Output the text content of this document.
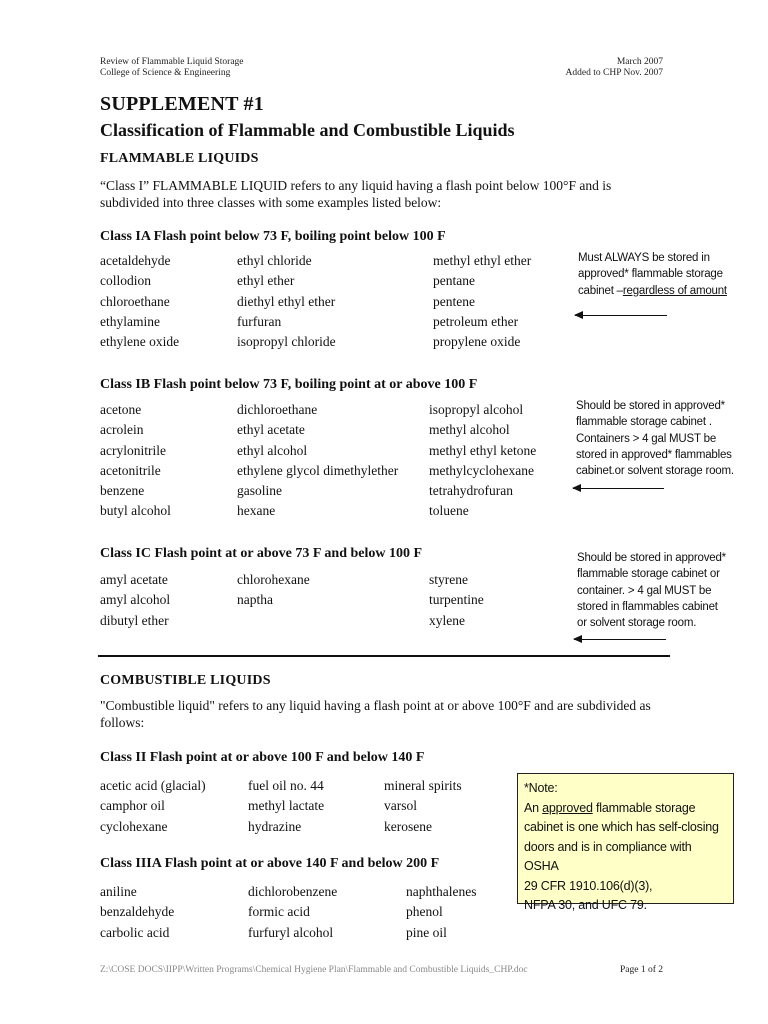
Review of Flammable Liquid Storage
College of Science & Engineering
March 2007
Added to CHP Nov. 2007
SUPPLEMENT #1
Classification of Flammable and Combustible Liquids
FLAMMABLE LIQUIDS
“Class I” FLAMMABLE LIQUID refers to any liquid having a flash point below 100°F and is
subdivided into three classes with some examples listed below:
Class IA Flash point below 73 F, boiling point below 100 F
acetaldehyde
collodion
chloroethane
ethylamine
ethylene oxide
ethyl chloride
ethyl ether
diethyl ethyl ether
furfuran
isopropyl chloride
methyl ethyl ether
pentane
pentene
petroleum ether
propylene oxide
Must ALWAYS be stored in
approved* flammable storage
cabinet –regardless of amount
Class IB Flash point below 73 F, boiling point at or above 100 F
acetone
acrolein
acrylonitrile
acetonitrile
benzene
butyl alcohol
dichloroethane
ethyl acetate
ethyl alcohol
ethylene glycol dimethylether
gasoline
hexane
isopropyl alcohol
methyl alcohol
methyl ethyl ketone
methylcyclohexane
tetrahydrofuran
toluene
Should be stored in approved*
flammable storage cabinet .
Containers > 4 gal MUST be
stored in approved* flammables
cabinet.or solvent storage room.
Class IC Flash point at or above 73 F and below 100 F
amyl acetate
amyl alcohol
dibutyl ether
chlorohexane
naptha
styrene
turpentine
xylene
Should be stored in approved*
flammable storage cabinet or
container. > 4 gal MUST be
stored in flammables cabinet
or solvent storage room.
COMBUSTIBLE LIQUIDS
"Combustible liquid" refers to any liquid having a flash point at or above 100°F and are subdivided as
follows:
Class II Flash point at or above 100 F and below 140 F
acetic acid (glacial)
camphor oil
cyclohexane
fuel oil no. 44
methyl lactate
hydrazine
mineral spirits
varsol
kerosene
Class IIIA Flash point at or above 140 F and below 200 F
aniline
benzaldehyde
carbolic acid
dichlorobenzene
formic acid
furfuryl alcohol
naphthalenes
phenol
pine oil
*Note:
An approved flammable storage
cabinet is one which has self-closing
doors and is in compliance with OSHA
29 CFR 1910.106(d)(3),
NFPA 30, and UFC 79.
Z:\COSE DOCS\IIPP\Written Programs\Chemical Hygiene Plan\Flammable and Combustible Liquids_CHP.doc	Page 1 of 2
